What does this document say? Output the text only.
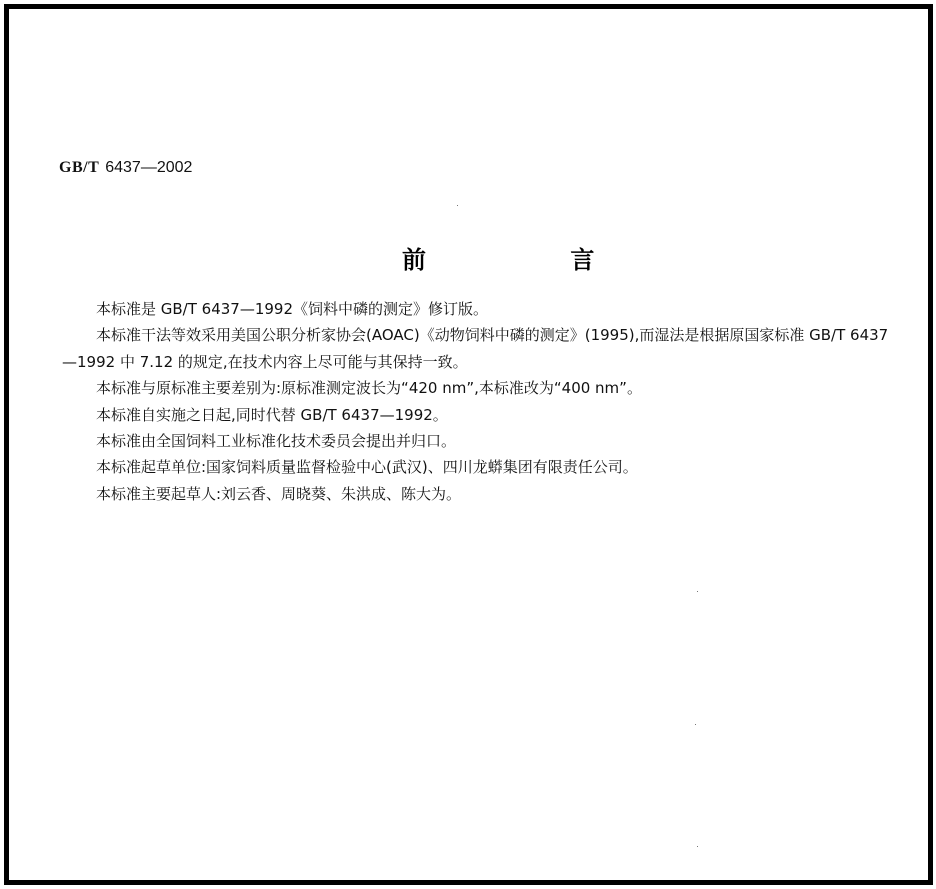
GB/T 6437—2002
前 言

本标准是 GB/T 6437—1992《饲料中磷的测定》修订版。

本标准干法等效采用美国公职分析家协会(AOAC)《动物饲料中磷的测定》(1995),而湿法是根据原国家标准 GB/T 6437—1992 中 7.12 的规定,在技术内容上尽可能与其保持一致。

本标准与原标准主要差别为:原标准测定波长为“420 nm”,本标准改为“400 nm”。

本标准自实施之日起,同时代替 GB/T 6437—1992。

本标准由全国饲料工业标准化技术委员会提出并归口。

本标准起草单位:国家饲料质量监督检验中心(武汉)、四川龙蟒集团有限责任公司。

本标准主要起草人:刘云香、周晓葵、朱洪成、陈大为。
